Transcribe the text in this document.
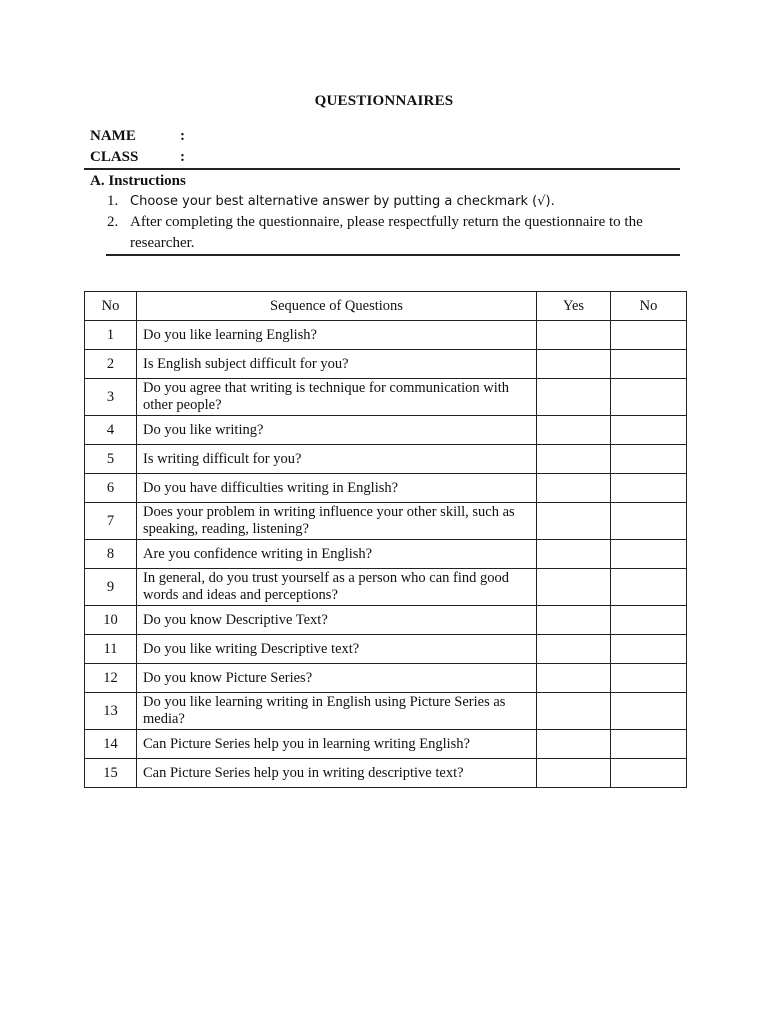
QUESTIONNAIRES
NAME	:
CLASS	:
A. Instructions
1. Choose your best alternative answer by putting a checkmark (√).
2. After completing the questionnaire, please respectfully return the questionnaire to the researcher.
No	Sequence of Questions	Yes	No
1	Do you like learning English?		
2	Is English subject difficult for you?		
3	Do you agree that writing is technique for communication with other people?		
4	Do you like writing?		
5	Is writing difficult for you?		
6	Do you have difficulties writing in English?		
7	Does your problem in writing influence your other skill, such as speaking, reading, listening?		
8	Are you confidence writing in English?		
9	In general, do you trust yourself as a person who can find good words and ideas and perceptions?		
10	Do you know Descriptive Text?		
11	Do you like writing Descriptive text?		
12	Do you know Picture Series?		
13	Do you like learning writing in English using Picture Series as media?		
14	Can Picture Series help you in learning writing English?		
15	Can Picture Series help you in writing descriptive text?		
